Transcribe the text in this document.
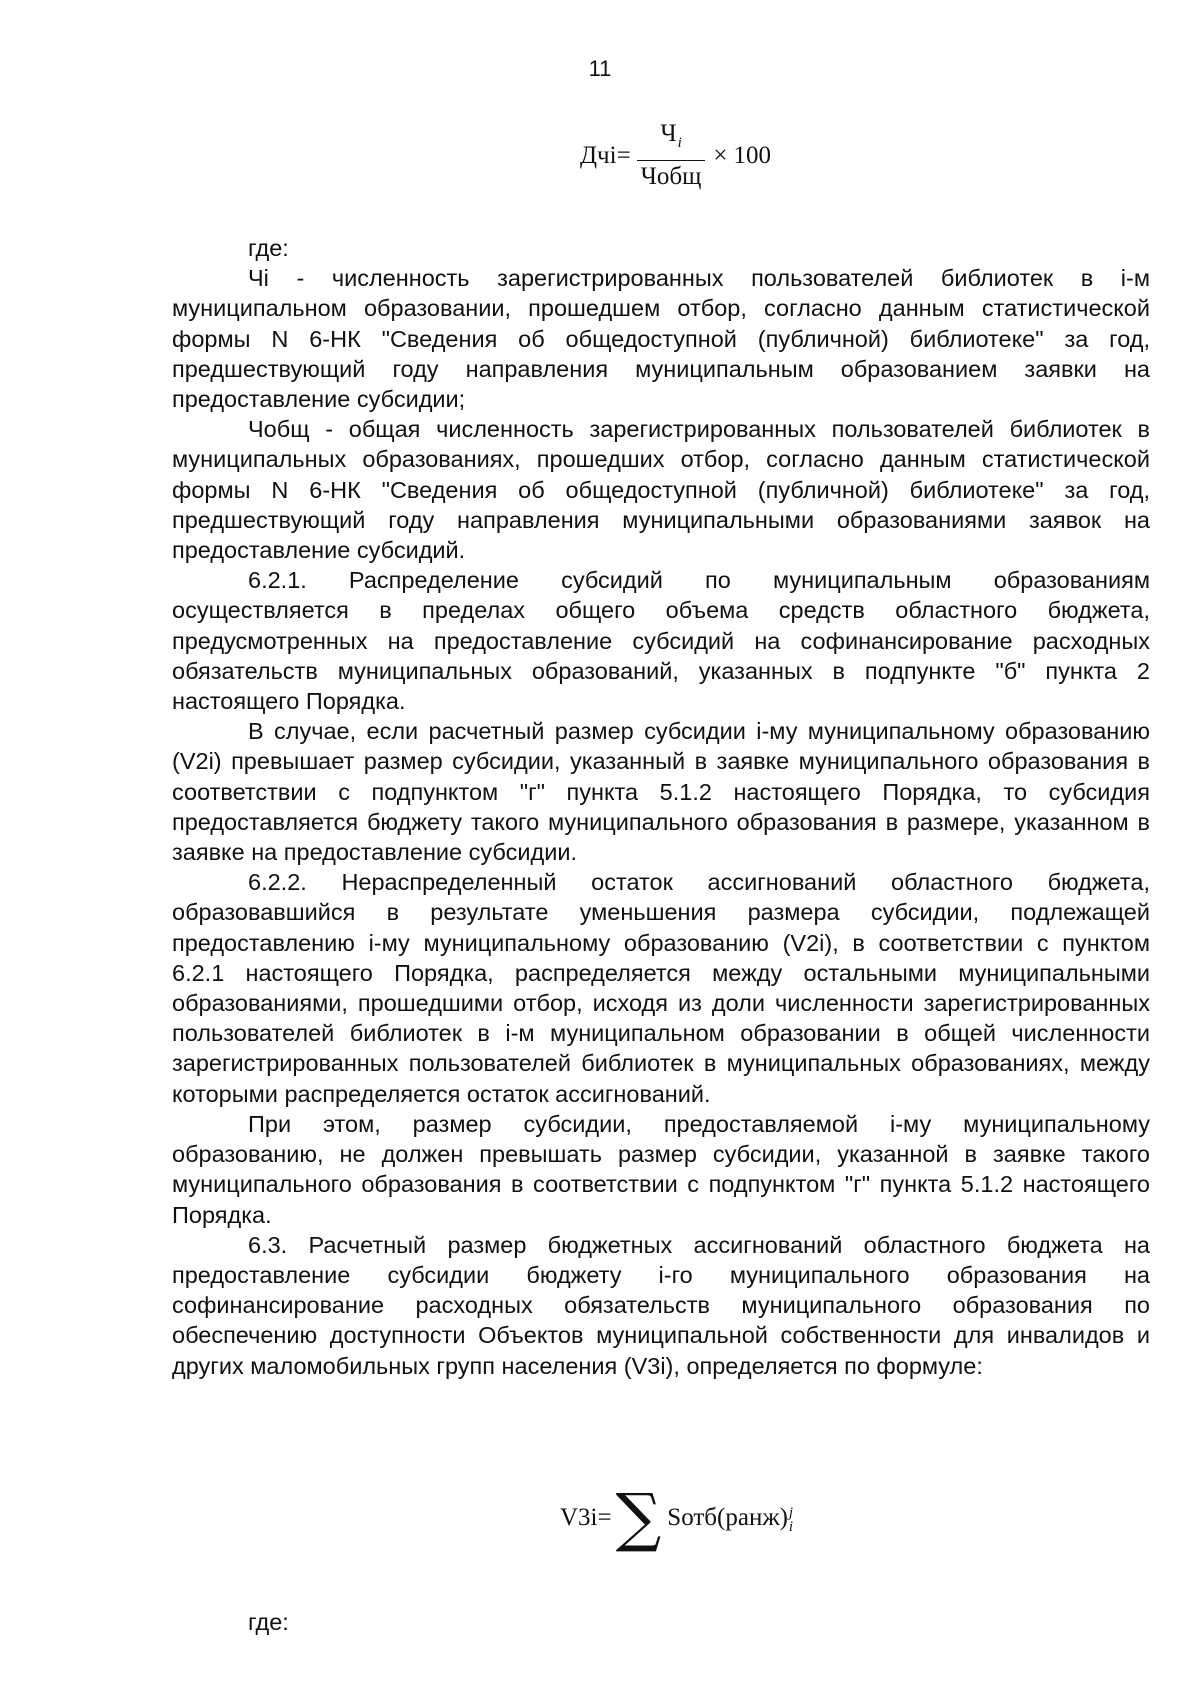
11
$Дчі= \frac{Ч_i}{\text{Чобщ}} \times 100$

где:

Чі - численность зарегистрированных пользователей библиотек в і-м муниципальном образовании, прошедшем отбор, согласно данным статистической формы N 6-НК "Сведения об общедоступной (публичной) библиотеке" за год, предшествующий году направления муниципальным образованием заявки на предоставление субсидии;

Чобщ - общая численность зарегистрированных пользователей библиотек в муниципальных образованиях, прошедших отбор, согласно данным статистической формы N 6-НК "Сведения об общедоступной (публичной) библиотеке" за год, предшествующий году направления муниципальными образованиями заявок на предоставление субсидий.

6.2.1. Распределение субсидий по муниципальным образованиям осуществляется в пределах общего объема средств областного бюджета, предусмотренных на предоставление субсидий на софинансирование расходных обязательств муниципальных образований, указанных в подпункте "б" пункта 2 настоящего Порядка.

В случае, если расчетный размер субсидии і-му муниципальному образованию (V2і) превышает размер субсидии, указанный в заявке муниципального образования в соответствии с подпунктом "г" пункта 5.1.2 настоящего Порядка, то субсидия предоставляется бюджету такого муниципального образования в размере, указанном в заявке на предоставление субсидии.

6.2.2. Нераспределенный остаток ассигнований областного бюджета, образовавшийся в результате уменьшения размера субсидии, подлежащей предоставлению і-му муниципальному образованию (V2і), в соответствии с пунктом 6.2.1 настоящего Порядка, распределяется между остальными муниципальными образованиями, прошедшими отбор, исходя из доли численности зарегистрированных пользователей библиотек в і-м муниципальном образовании в общей численности зарегистрированных пользователей библиотек в муниципальных образованиях, между которыми распределяется остаток ассигнований.

При этом, размер субсидии, предоставляемой і-му муниципальному образованию, не должен превышать размер субсидии, указанной в заявке такого муниципального образования в соответствии с подпунктом "г" пункта 5.1.2 настоящего Порядка.

6.3. Расчетный размер бюджетных ассигнований областного бюджета на предоставление субсидии бюджету і-го муниципального образования на софинансирование расходных обязательств муниципального образования по обеспечению доступности Объектов муниципальной собственности для инвалидов и других маломобильных групп населения (V3і), определяется по формуле:

V3i= ∑ Sотб(ранж) j
i
где:
